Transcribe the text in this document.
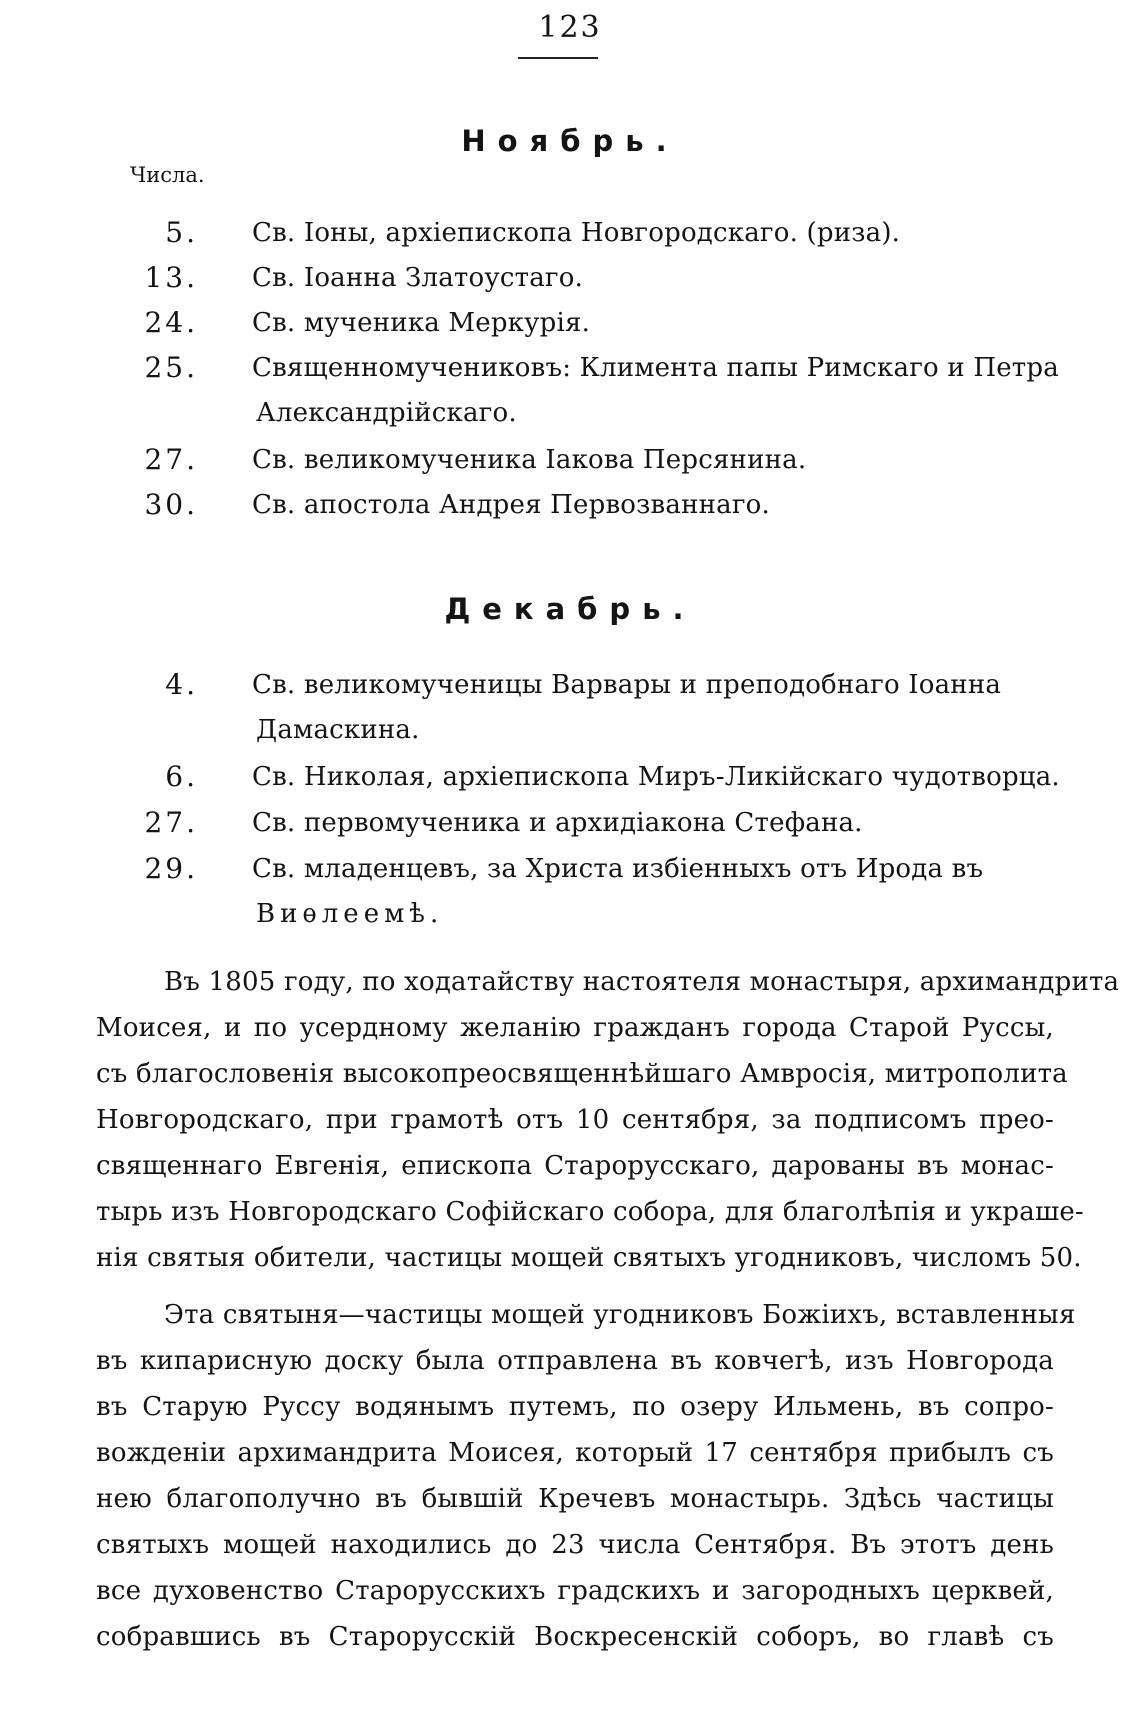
123
Ноябрь.
Числа.
5. Св. Іоны, архіепископа Новгородскаго. (риза).
13. Св. Іоанна Златоустаго.
24. Св. мученика Меркурія.
25. Священномучениковъ: Климента папы Римскаго и Петра
Александрійскаго.
27. Св. великомученика Іакова Персянина.
30. Св. апостола Андрея Первозваннаго.
Декабрь.
4. Св. великомученицы Варвары и преподобнаго Іоанна
Дамаскина.
6. Св. Николая, архіепископа Миръ-Ликійскаго чудотворца.
27. Св. первомученика и архидіакона Стефана.
29. Св. младенцевъ, за Христа избіенныхъ отъ Ирода въ
Виѳлеемѣ.
Въ 1805 году, по ходатайству настоятеля монастыря, архимандрита
Моисея, и по усердному желанію гражданъ города Старой Руссы,
съ благословенія высокопреосвященнѣйшаго Амвросія, митрополита
Новгородскаго, при грамотѣ отъ 10 сентября, за подписомъ прео-
священнаго Евгенія, епископа Старорусскаго, дарованы въ монас-
тырь изъ Новгородскаго Софійскаго собора, для благолѣпія и украше-
нія святыя обители, частицы мощей святыхъ угодниковъ, числомъ 50.
Эта святыня—частицы мощей угодниковъ Божіихъ, вставленныя
въ кипарисную доску была отправлена въ ковчегѣ, изъ Новгорода
въ Старую Руссу водянымъ путемъ, по озеру Ильмень, въ сопро-
вожденіи архимандрита Моисея, который 17 сентября прибылъ съ
нею благополучно въ бывшій Кречевъ монастырь. Здѣсь частицы
святыхъ мощей находились до 23 числа Сентября. Въ этотъ день
все духовенство Старорусскихъ градскихъ и загородныхъ церквей,
собравшись въ Старорусскій Воскресенскій соборъ, во главѣ съ
